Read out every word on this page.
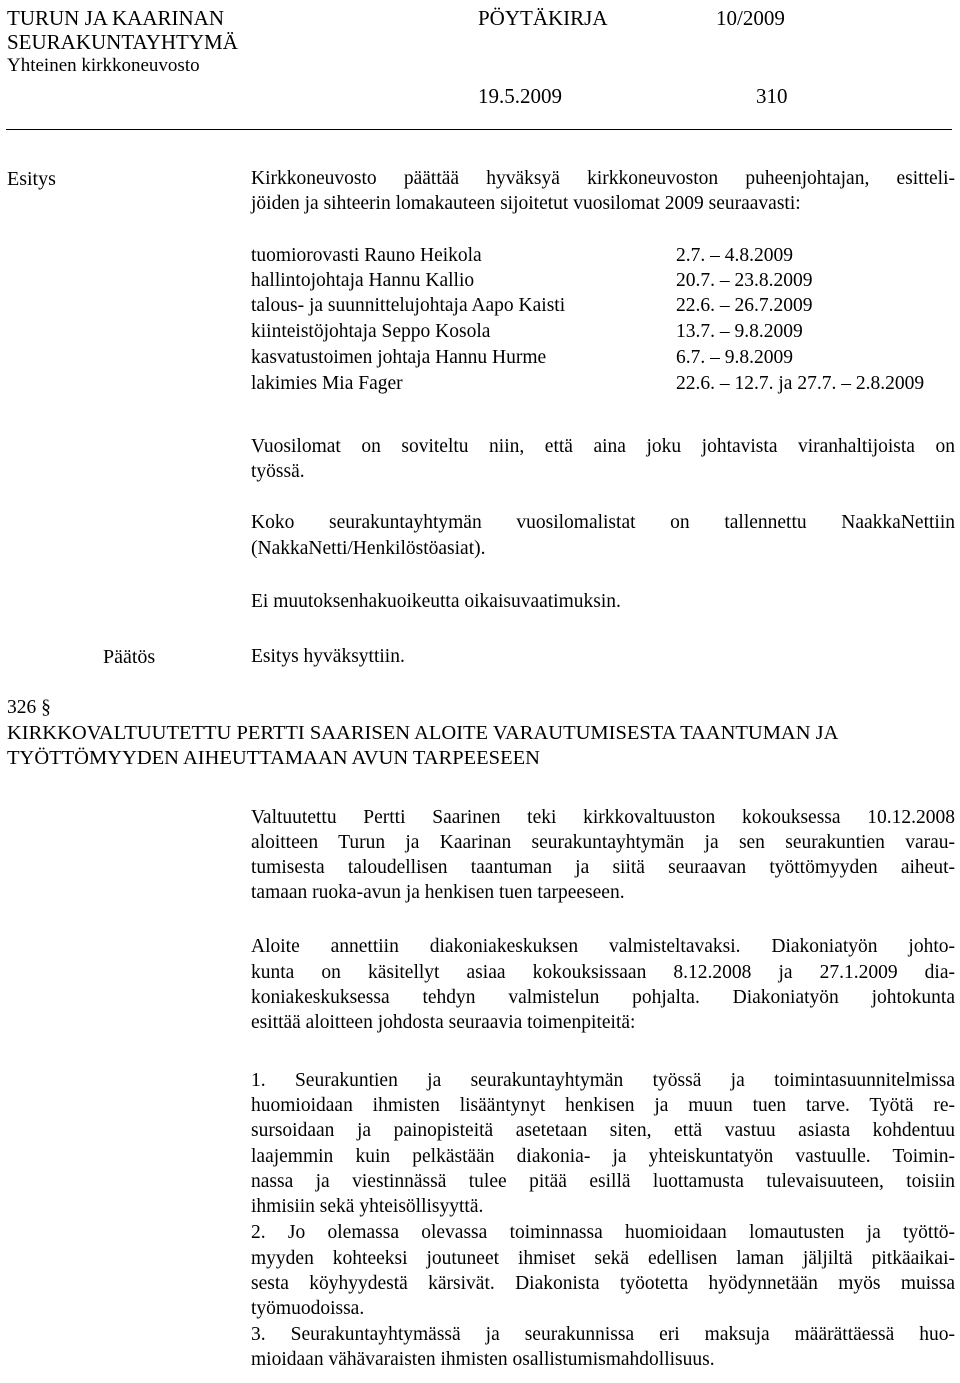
TURUN JA KAARINAN
SEURAKUNTAYHTYMÄ
Yhteinen kirkkoneuvosto
PÖYTÄKIRJA	10/2009
19.5.2009	310
Esitys	Kirkkoneuvosto päättää hyväksyä kirkkoneuvoston puheenjohtajan, esitteli-
jöiden ja sihteerin lomakauteen sijoitetut vuosilomat 2009 seuraavasti:
tuomiorovasti Rauno Heikola	2.7. – 4.8.2009
hallintojohtaja Hannu Kallio	20.7. – 23.8.2009
talous- ja suunnittelujohtaja Aapo Kaisti	22.6. – 26.7.2009
kiinteistöjohtaja Seppo Kosola	13.7. – 9.8.2009
kasvatustoimen johtaja Hannu Hurme	6.7. – 9.8.2009
lakimies Mia Fager	22.6. – 12.7. ja 27.7. – 2.8.2009
Vuosilomat on soviteltu niin, että aina joku johtavista viranhaltijoista on
työssä.
Koko seurakuntayhtymän vuosilomalistat on tallennettu NaakkaNettiin
(NakkaNetti/Henkilöstöasiat).
Ei muutoksenhakuoikeutta oikaisuvaatimuksin.
Päätös	Esitys hyväksyttiin.
326 §
KIRKKOVALTUUTETTU PERTTI SAARISEN ALOITE VARAUTUMISESTA TAANTUMAN JA
TYÖTTÖMYYDEN AIHEUTTAMAAN AVUN TARPEESEEN
Valtuutettu Pertti Saarinen teki kirkkovaltuuston kokouksessa 10.12.2008
aloitteen Turun ja Kaarinan seurakuntayhtymän ja sen seurakuntien varau-
tumisesta taloudellisen taantuman ja siitä seuraavan työttömyyden aiheut-
tamaan ruoka-avun ja henkisen tuen tarpeeseen.
Aloite annettiin diakoniakeskuksen valmisteltavaksi. Diakoniatyön johto-
kunta on käsitellyt asiaa kokouksissaan 8.12.2008 ja 27.1.2009 dia-
koniakeskuksessa tehdyn valmistelun pohjalta. Diakoniatyön johtokunta
esittää aloitteen johdosta seuraavia toimenpiteitä:
1. Seurakuntien ja seurakuntayhtymän työssä ja toimintasuunnitelmissa
huomioidaan ihmisten lisääntynyt henkisen ja muun tuen tarve. Työtä re-
sursoidaan ja painopisteitä asetetaan siten, että vastuu asiasta kohdentuu
laajemmin kuin pelkästään diakonia- ja yhteiskuntatyön vastuulle. Toimin-
nassa ja viestinnässä tulee pitää esillä luottamusta tulevaisuuteen, toisiin
ihmisiin sekä yhteisöllisyyttä.
2. Jo olemassa olevassa toiminnassa huomioidaan lomautusten ja työttö-
myyden kohteeksi joutuneet ihmiset sekä edellisen laman jäljiltä pitkäaikai-
sesta köyhyydestä kärsivät. Diakonista työotetta hyödynnetään myös muissa
työmuodoissa.
3. Seurakuntayhtymässä ja seurakunnissa eri maksuja määrättäessä huo-
mioidaan vähävaraisten ihmisten osallistumismahdollisuus.
